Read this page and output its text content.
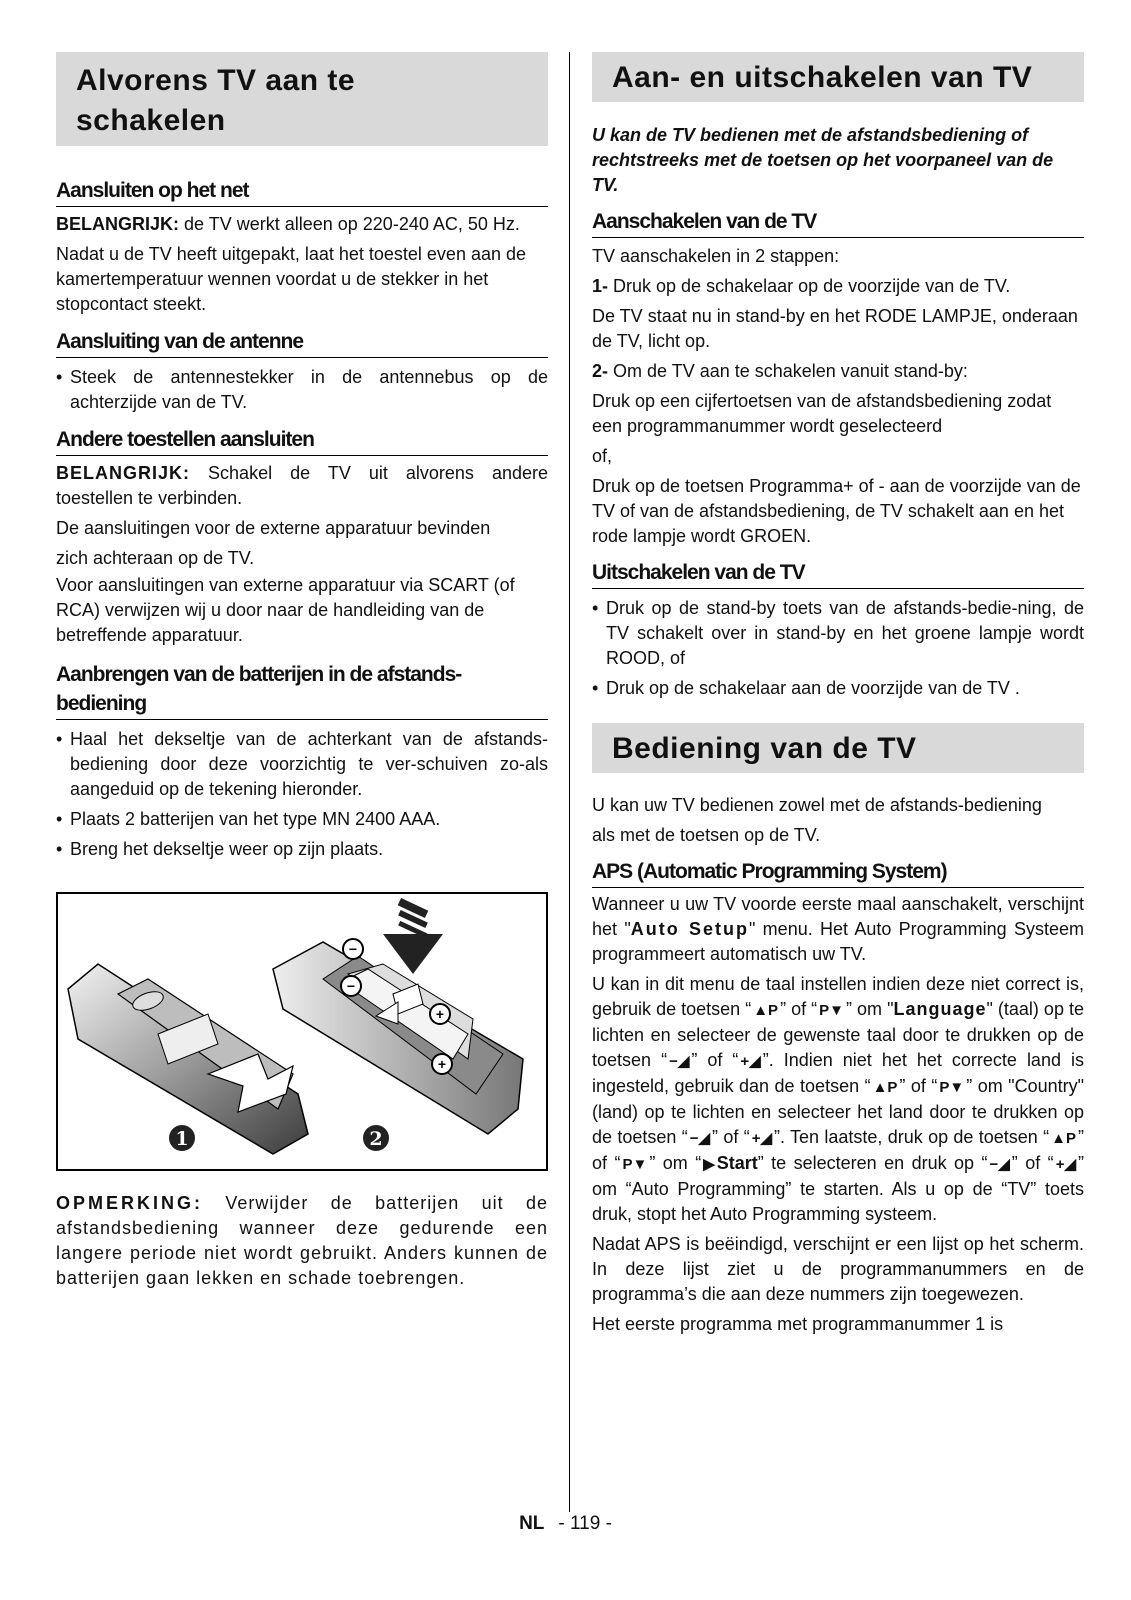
Alvorens TV aan te
schakelen
Aansluiten op het net

BELANGRIJK: de TV werkt alleen op 220-240 AC, 50 Hz.

Nadat u de TV heeft uitgepakt, laat het toestel even aan de kamertemperatuur wennen voordat u de stekker in het stopcontact steekt.

Aansluiting van de antenne

• Steek de antennestekker in de antennebus op de achterzijde van de TV.

Andere toestellen aansluiten

BELANGRIJK: Schakel de TV uit alvorens andere toestellen te verbinden.

De aansluitingen voor de externe apparatuur bevinden

zich achteraan op de TV.

Voor aansluitingen van externe apparatuur via SCART (of RCA) verwijzen wij u door naar de handleiding van de betreffende apparatuur.

Aanbrengen van de batterijen in de afstands-
bediening

• Haal het dekseltje van de achterkant van de afstands-bediening door deze voorzichtig te ver-schuiven zo-als aangeduid op de tekening hieronder.

• Plaats 2 batterijen van het type MN 2400 AAA.

• Breng het dekseltje weer op zijn plaats.

1
−
−
+
+
2

OPMERKING: Verwijder de batterijen uit de afstandsbediening wanneer deze gedurende een langere periode niet wordt gebruikt. Anders kunnen de batterijen gaan lekken en schade toebrengen.

Aan- en uitschakelen van TV

U kan de TV bedienen met de afstandsbediening of rechtstreeks met de toetsen op het voorpaneel van de TV.

Aanschakelen van de TV

TV aanschakelen in 2 stappen:

1- Druk op de schakelaar op de voorzijde van de TV.

De TV staat nu in stand-by en het RODE LAMPJE, onderaan de TV, licht op.

2- Om de TV aan te schakelen vanuit stand-by:

Druk op een cijfertoetsen van de afstandsbediening zodat een programmanummer wordt geselecteerd

of,

Druk op de toetsen Programma+ of - aan de voorzijde van de TV of van de afstandsbediening, de TV schakelt aan en het rode lampje wordt GROEN.

Uitschakelen van de TV

• Druk op de stand-by toets van de afstands-bedie-ning, de TV schakelt over in stand-by en het groene lampje wordt ROOD, of

• Druk op de schakelaar aan de voorzijde van de TV .

Bediening van de TV

U kan uw TV bedienen zowel met de afstands-bediening

als met de toetsen op de TV.

APS (Automatic Programming System)

Wanneer u uw TV voorde eerste maal aanschakelt, verschijnt het "Auto Setup" menu. Het Auto Programming Systeem programmeert automatisch uw TV.

U kan in dit menu de taal instellen indien deze niet correct is, gebruik de toetsen “ ▲P ” of “ P▼ ” om "Language" (taal) op te lichten en selecteer de gewenste taal door te drukken op de toetsen “ −◢ ” of “ +◢ ”. Indien niet het het correcte land is ingesteld, gebruik dan de toetsen “ ▲P ” of “ P▼ ” om "Country" (land) op te lichten en selecteer het land door te drukken op de toetsen “ −◢ ” of “ +◢ ”. Ten laatste, druk op de toetsen “ ▲P ” of “ P▼ ” om “ ▶ Start” te selecteren en druk op “ −◢ ” of “ +◢ ” om “Auto Programming” te starten. Als u op de “TV” toets druk, stopt het Auto Programming systeem.

Nadat APS is beëindigd, verschijnt er een lijst op het scherm. In deze lijst ziet u de programmanummers en de programma’s die aan deze nummers zijn toegewezen.

Het eerste programma met programmanummer 1 is

NL - 119 -
